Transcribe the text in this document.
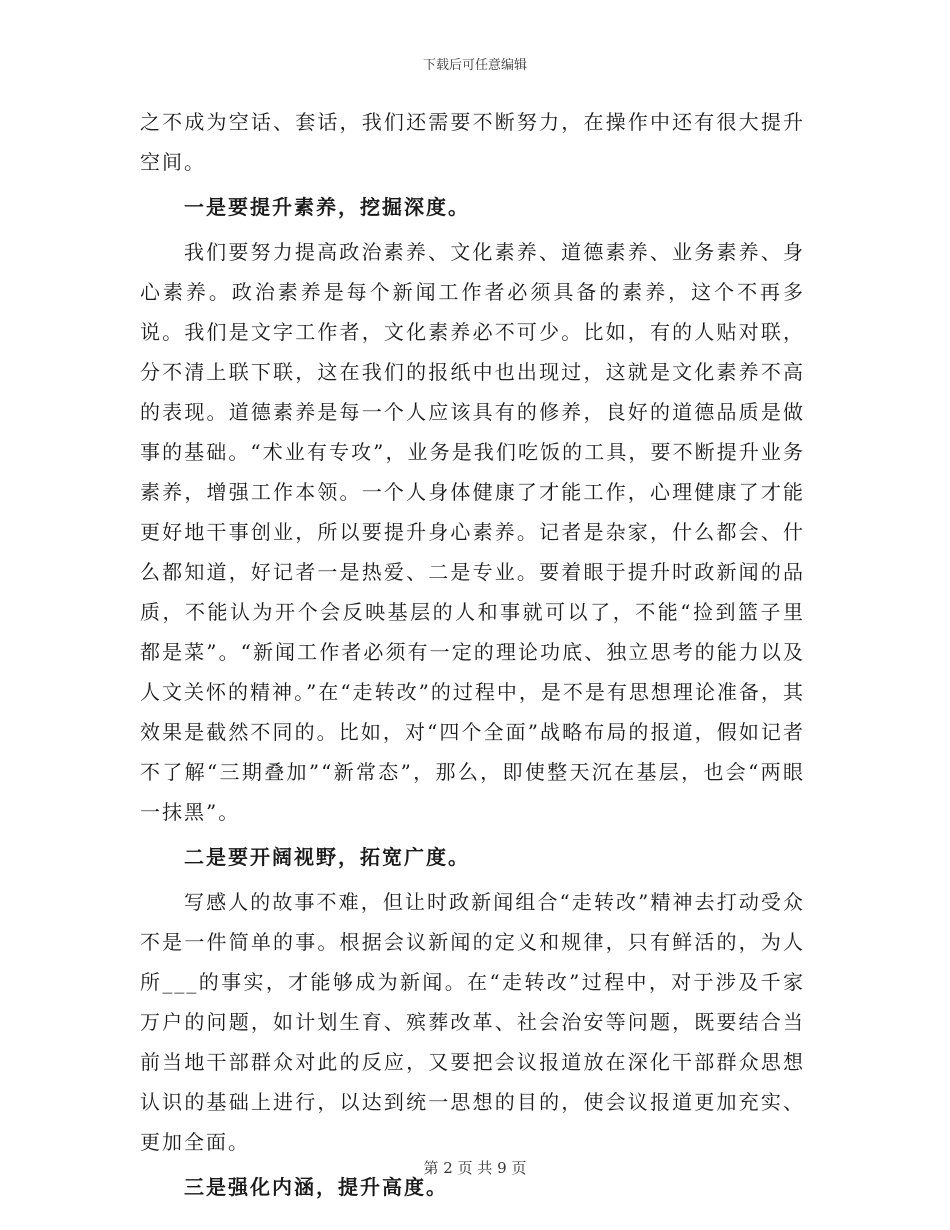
下载后可任意编辑

之不成为空话、套话，我们还需要不断努力，在操作中还有很大提升空间。

一是要提升素养，挖掘深度。

我们要努力提高政治素养、文化素养、道德素养、业务素养、身心素养。政治素养是每个新闻工作者必须具备的素养，这个不再多说。我们是文字工作者，文化素养必不可少。比如，有的人贴对联，分不清上联下联，这在我们的报纸中也出现过，这就是文化素养不高的表现。道德素养是每一个人应该具有的修养，良好的道德品质是做事的基础。“术业有专攻”，业务是我们吃饭的工具，要不断提升业务素养，增强工作本领。一个人身体健康了才能工作，心理健康了才能更好地干事创业，所以要提升身心素养。记者是杂家，什么都会、什么都知道，好记者一是热爱、二是专业。要着眼于提升时政新闻的品质，不能认为开个会反映基层的人和事就可以了，不能“捡到篮子里都是菜”。“新闻工作者必须有一定的理论功底、独立思考的能力以及人文关怀的精神。”在“走转改”的过程中，是不是有思想理论准备，其效果是截然不同的。比如，对“四个全面”战略布局的报道，假如记者不了解“三期叠加”“新常态”，那么，即使整天沉在基层，也会“两眼一抹黑”。

二是要开阔视野，拓宽广度。

写感人的故事不难，但让时政新闻组合“走转改”精神去打动受众不是一件简单的事。根据会议新闻的定义和规律，只有鲜活的，为人所___的事实，才能够成为新闻。在“走转改”过程中，对于涉及千家万户的问题，如计划生育、殡葬改革、社会治安等问题，既要结合当前当地干部群众对此的反应，又要把会议报道放在深化干部群众思想认识的基础上进行，以达到统一思想的目的，使会议报道更加充实、更加全面。

三是强化内涵，提升高度。

第 2 页 共 9 页
